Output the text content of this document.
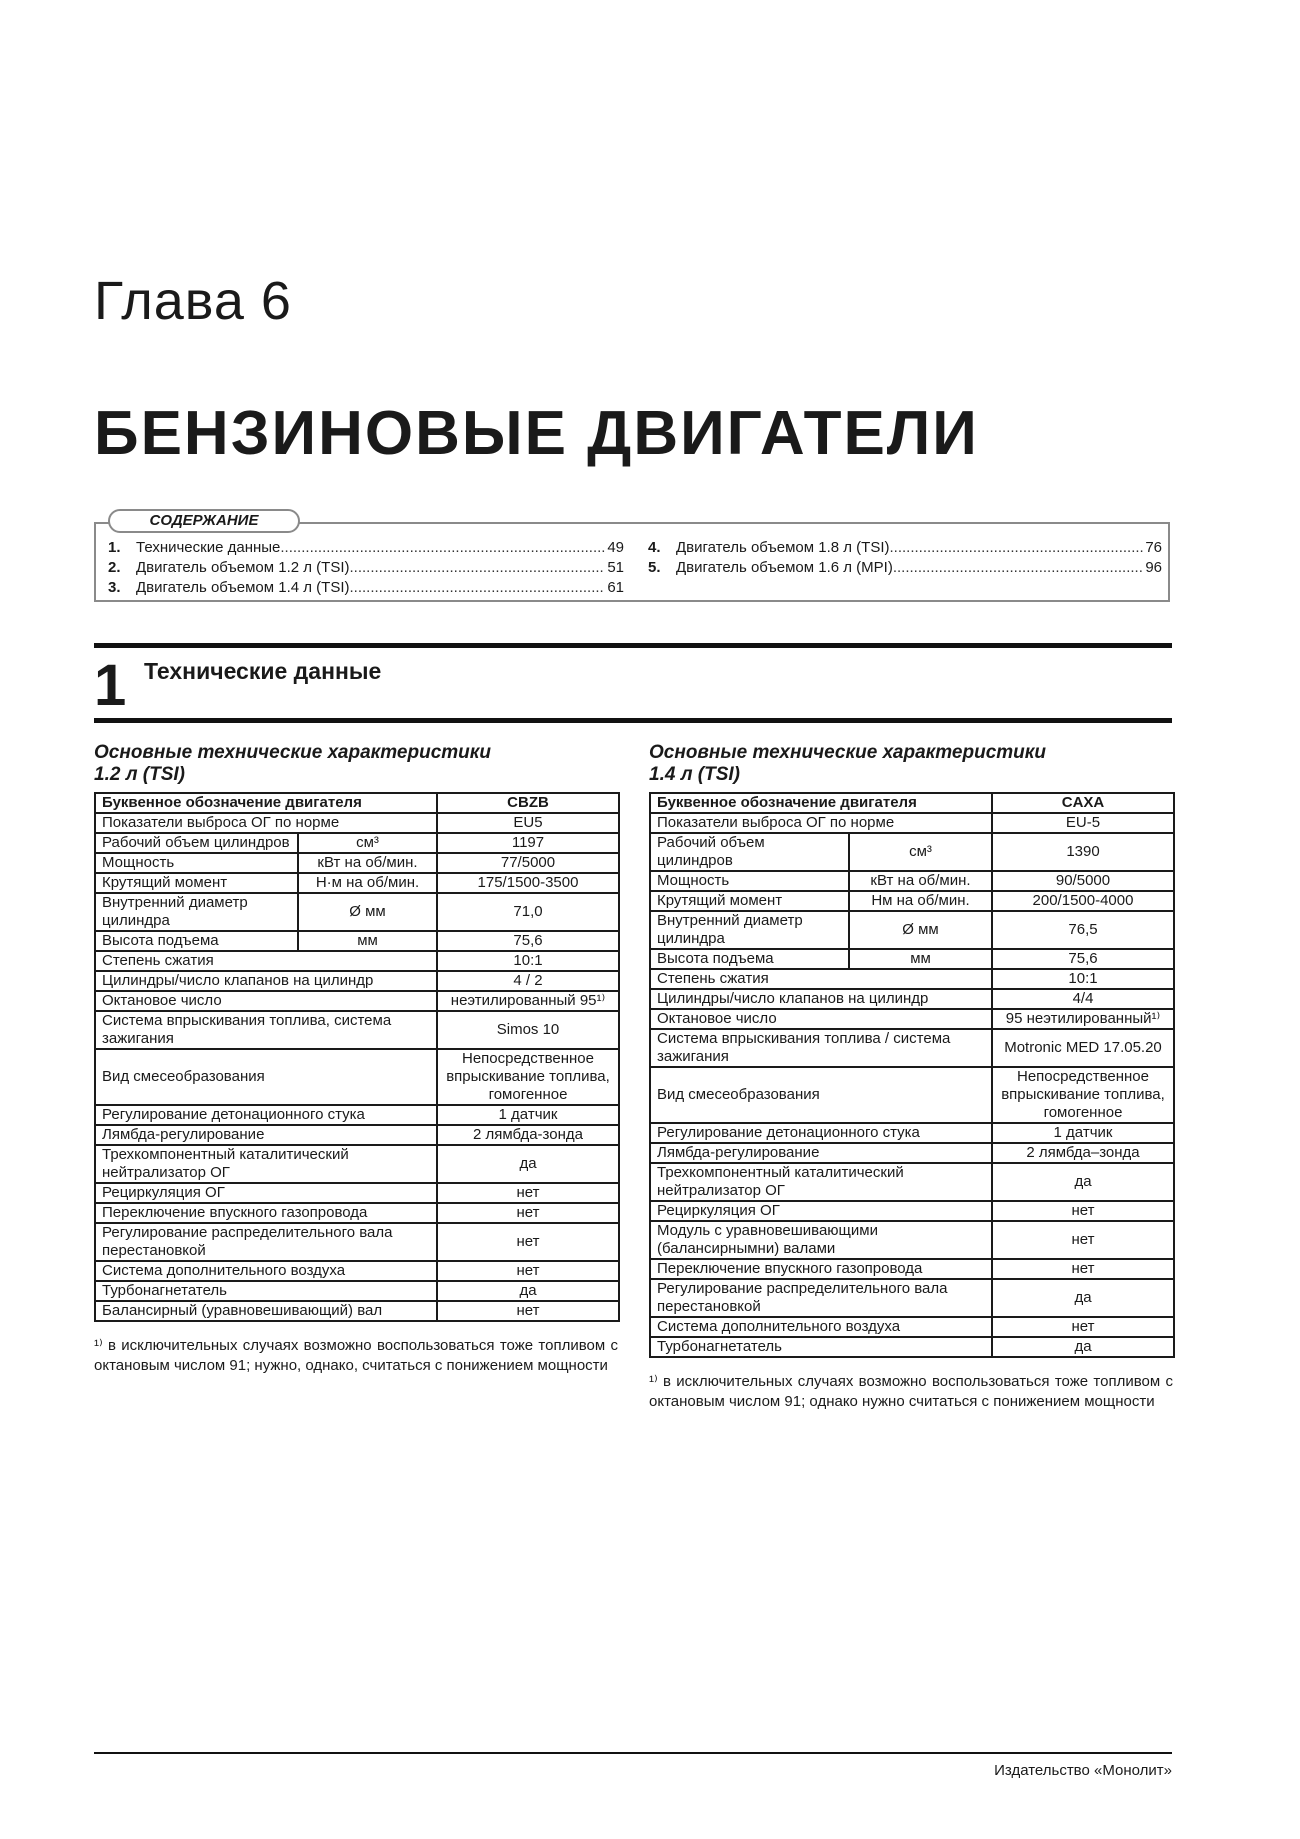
Глава 6
БЕНЗИНОВЫЕ ДВИГАТЕЛИ
СОДЕРЖАНИЕ
1.	Технические данные .....	49
2.	Двигатель объемом 1.2 л (TSI) .....	51
3.	Двигатель объемом 1.4 л (TSI) .....	61
4.	Двигатель объемом 1.8 л (TSI) .....	76
5.	Двигатель объемом 1.6 л (MPI) .....	96
1 Технические данные
Основные технические характеристики
1.2 л (TSI)
Буквенное обозначение двигателя		CBZB
Показатели выброса ОГ по норме		EU5
Рабочий объем цилиндров	см³	1197
Мощность	кВт на об/мин.	77/5000
Крутящий момент	Н·м на об/мин.	175/1500-3500
Внутренний диаметр цилиндра	Ø мм	71,0
Высота подъема	мм	75,6
Степень сжатия		10:1
Цилиндры/число клапанов на цилиндр		4 / 2
Октановое число		неэтилированный 95¹⁾
Система впрыскивания топлива, система зажигания		Simos 10
Вид смесеобразования		Непосредственное впрыскивание топлива, гомогенное
Регулирование детонационного стука		1 датчик
Лямбда-регулирование		2 лямбда-зонда
Трехкомпонентный каталитический нейтрализатор ОГ		да
Рециркуляция ОГ		нет
Переключение впускного газопровода		нет
Регулирование распределительного вала перестановкой		нет
Система дополнительного воздуха		нет
Турбонагнетатель		да
Балансирный (уравновешивающий) вал		нет
¹⁾ в исключительных случаях возможно воспользоваться тоже топливом с октановым числом 91; нужно, однако, считаться с понижением мощности
Основные технические характеристики
1.4 л (TSI)
Буквенное обозначение двигателя		CAXA
Показатели выброса ОГ по норме		EU-5
Рабочий объем цилиндров	см³	1390
Мощность	кВт на об/мин.	90/5000
Крутящий момент	Нм на об/мин.	200/1500-4000
Внутренний диаметр цилиндра	Ø мм	76,5
Высота подъема	мм	75,6
Степень сжатия		10:1
Цилиндры/число клапанов на цилиндр		4/4
Октановое число		95 неэтилированный¹⁾
Система впрыскивания топлива / система зажигания		Motronic MED 17.05.20
Вид смесеобразования		Непосредственное впрыскивание топлива, гомогенное
Регулирование детонационного стука		1 датчик
Лямбда-регулирование		2 лямбда–зонда
Трехкомпонентный каталитический нейтрализатор ОГ		да
Рециркуляция ОГ		нет
Модуль с уравновешивающими (балансирнымни) валами		нет
Переключение впускного газопровода		нет
Регулирование распределительного вала перестановкой		да
Система дополнительного воздуха		нет
Турбонагнетатель		да
¹⁾ в исключительных случаях возможно воспользоваться тоже топливом с октановым числом 91; однако нужно считаться с понижением мощности
Издательство «Монолит»
